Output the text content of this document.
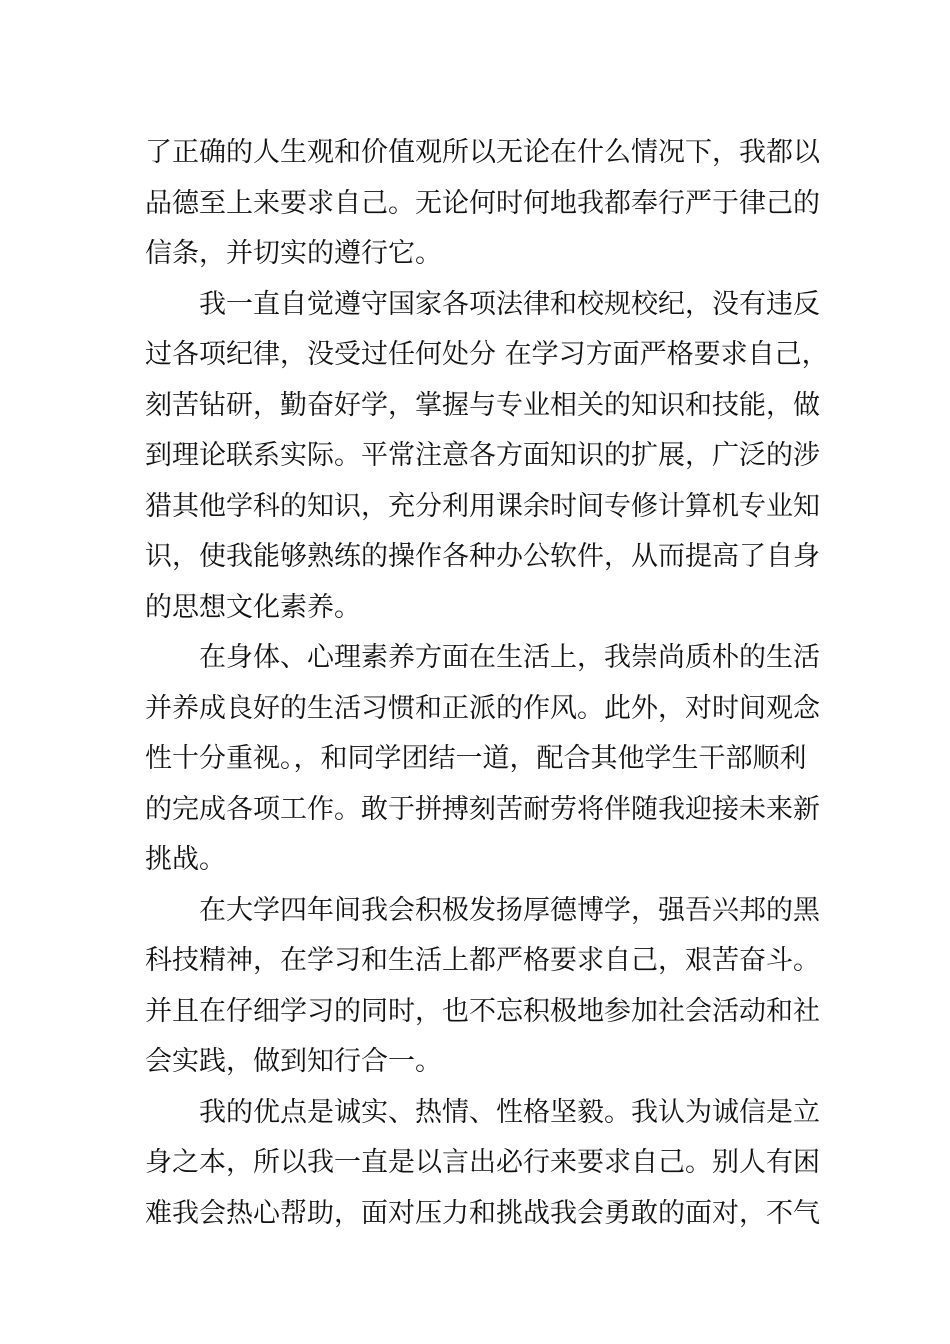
了正确的人生观和价值观所以无论在什么情况下，我都以
品德至上来要求自己。无论何时何地我都奉行严于律己的
信条，并切实的遵行它。
我一直自觉遵守国家各项法律和校规校纪，没有违反
过各项纪律，没受过任何处分 在学习方面严格要求自己，
刻苦钻研，勤奋好学，掌握与专业相关的知识和技能，做
到理论联系实际。平常注意各方面知识的扩展，广泛的涉
猎其他学科的知识，充分利用课余时间专修计算机专业知
识，使我能够熟练的操作各种办公软件，从而提高了自身
的思想文化素养。
在身体、心理素养方面在生活上，我崇尚质朴的生活
并养成良好的生活习惯和正派的作风。此外，对时间观念
性十分重视。，和同学团结一道，配合其他学生干部顺利
的完成各项工作。敢于拼搏刻苦耐劳将伴随我迎接未来新
挑战。
在大学四年间我会积极发扬厚德博学，强吾兴邦的黑
科技精神，在学习和生活上都严格要求自己，艰苦奋斗。
并且在仔细学习的同时，也不忘积极地参加社会活动和社
会实践，做到知行合一。
我的优点是诚实、热情、性格坚毅。我认为诚信是立
身之本，所以我一直是以言出必行来要求自己。别人有困
难我会热心帮助，面对压力和挑战我会勇敢的面对，不气
